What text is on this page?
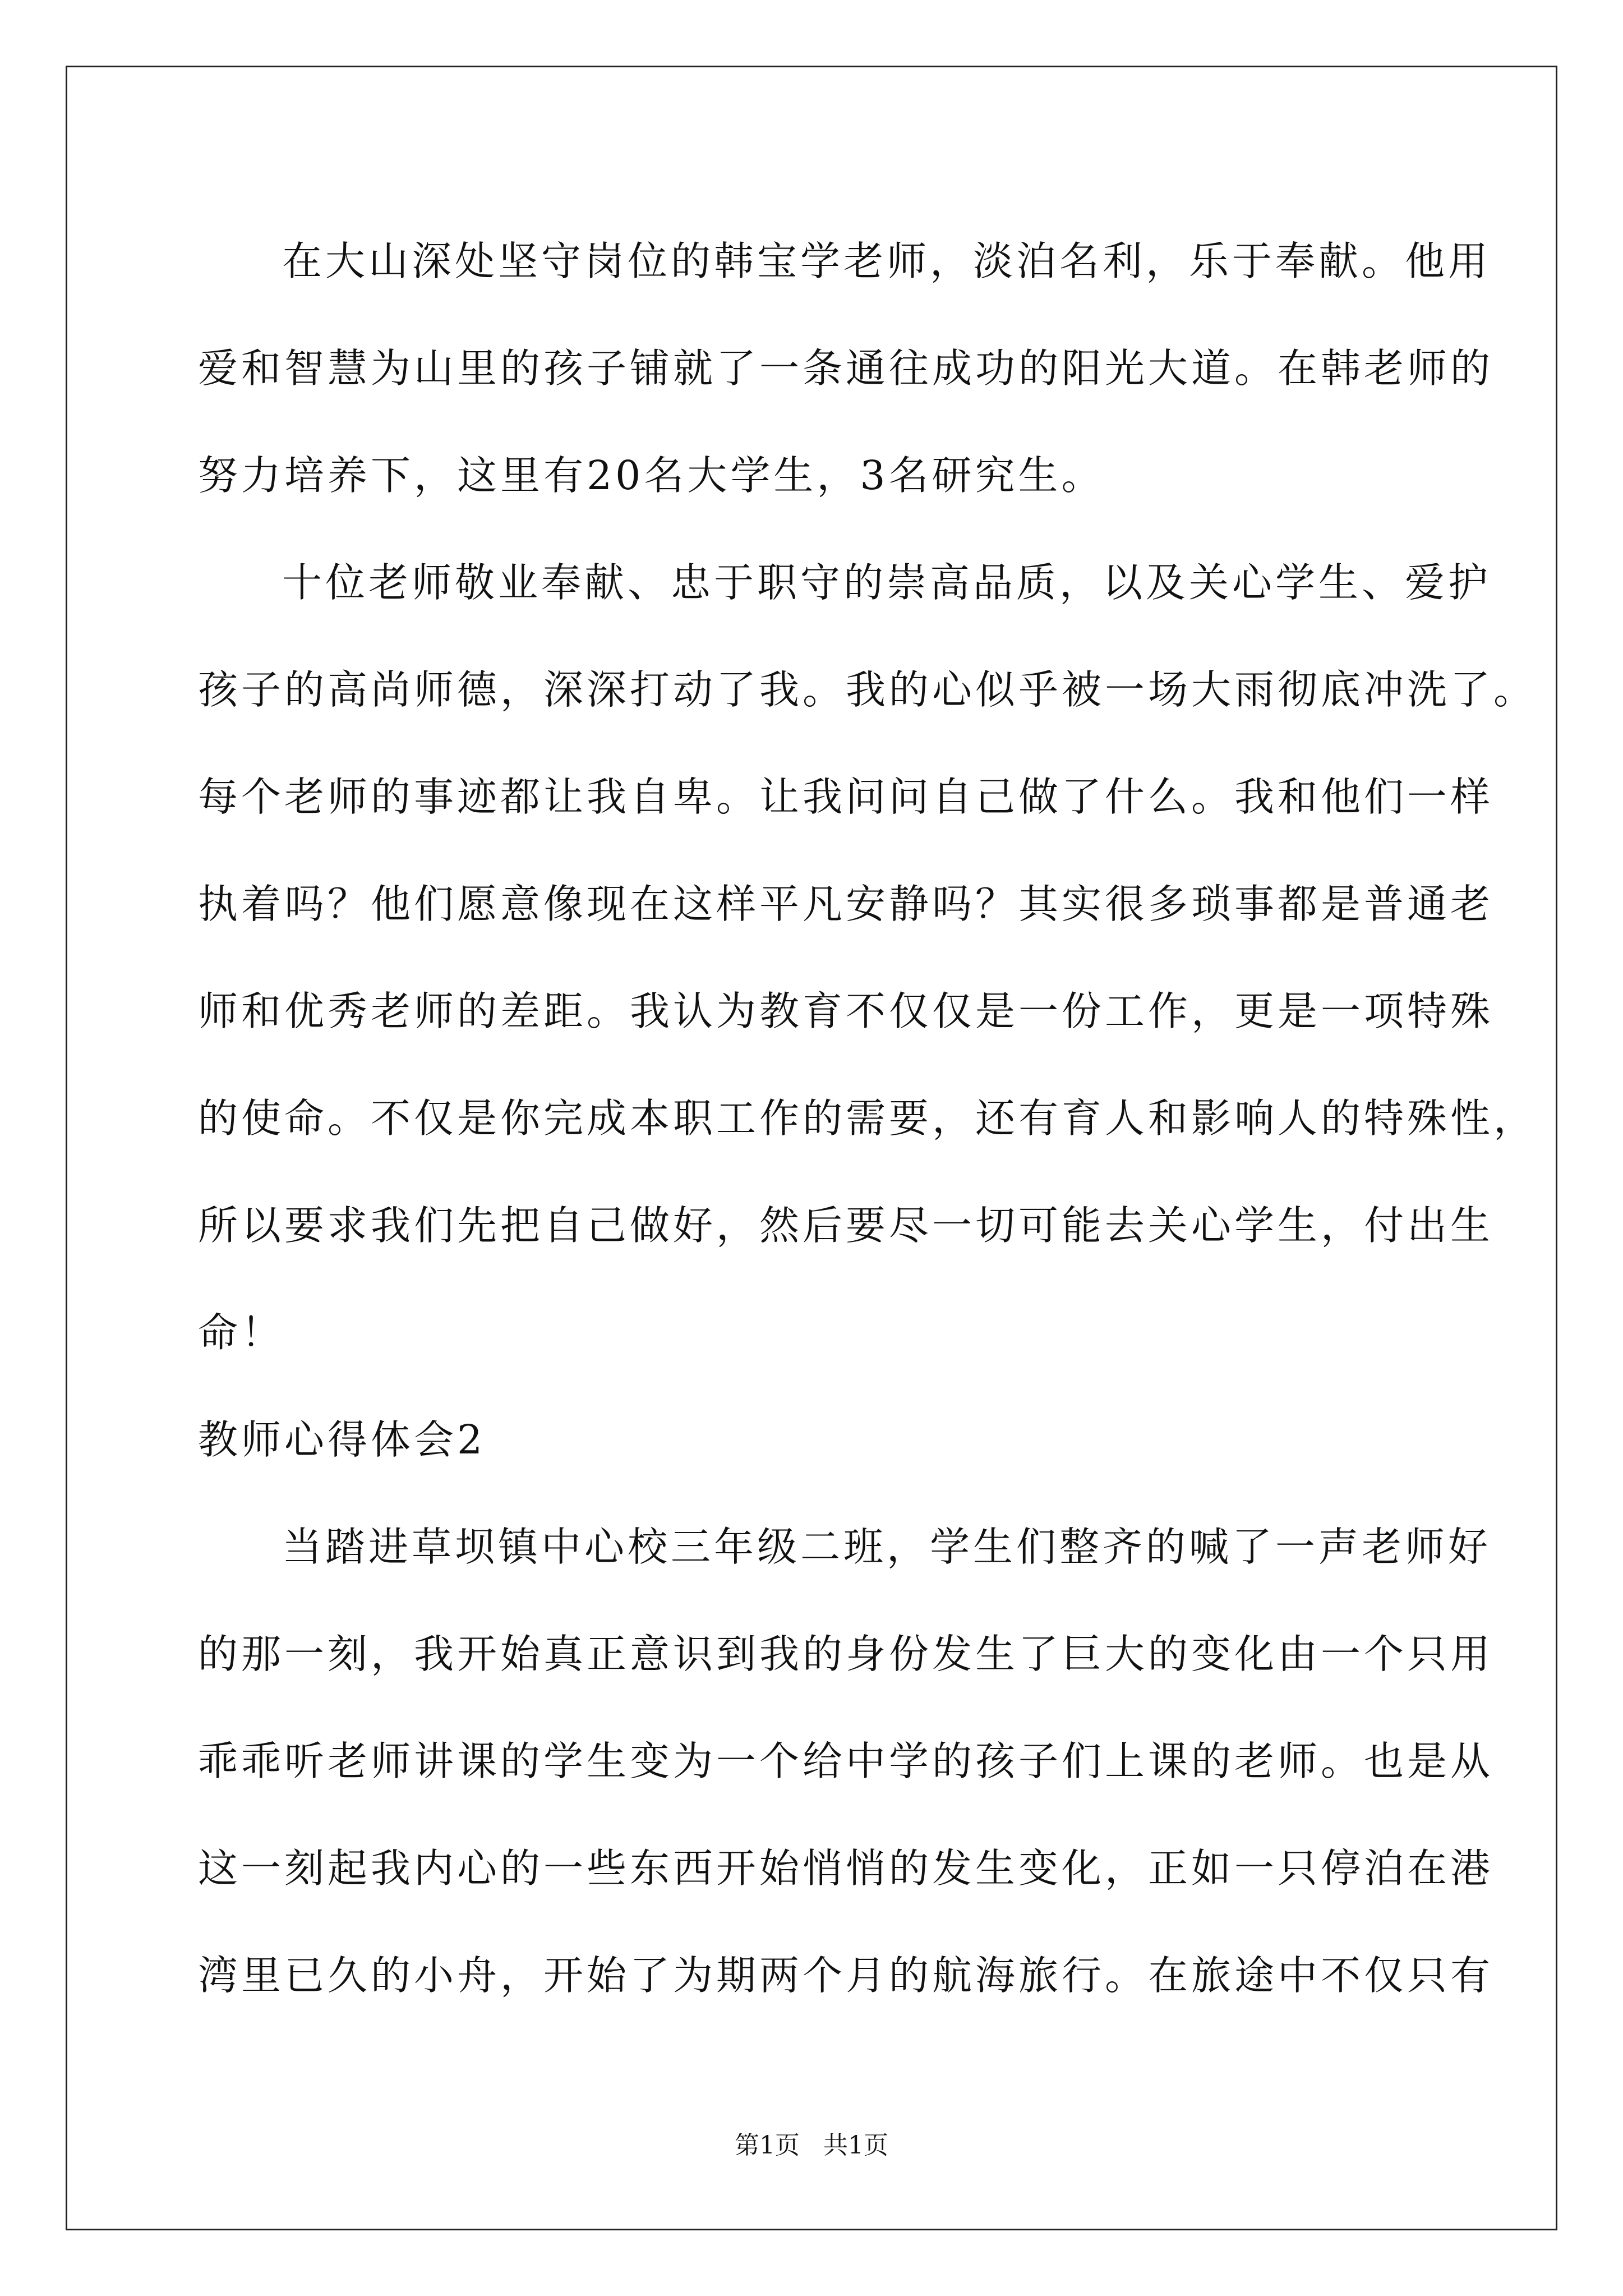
在大山深处坚守岗位的韩宝学老师，淡泊名利，乐于奉献。他用
爱和智慧为山里的孩子铺就了一条通往成功的阳光大道。在韩老师的
努力培养下，这里有20名大学生，3名研究生。
十位老师敬业奉献、忠于职守的崇高品质，以及关心学生、爱护
孩子的高尚师德，深深打动了我。我的心似乎被一场大雨彻底冲洗了。
每个老师的事迹都让我自卑。让我问问自己做了什么。我和他们一样
执着吗？他们愿意像现在这样平凡安静吗？其实很多琐事都是普通老
师和优秀老师的差距。我认为教育不仅仅是一份工作，更是一项特殊
的使命。不仅是你完成本职工作的需要，还有育人和影响人的特殊性，
所以要求我们先把自己做好，然后要尽一切可能去关心学生，付出生
命！
教师心得体会2
当踏进草坝镇中心校三年级二班，学生们整齐的喊了一声老师好
的那一刻，我开始真正意识到我的身份发生了巨大的变化由一个只用
乖乖听老师讲课的学生变为一个给中学的孩子们上课的老师。也是从
这一刻起我内心的一些东西开始悄悄的发生变化，正如一只停泊在港
湾里已久的小舟，开始了为期两个月的航海旅行。在旅途中不仅只有
第1页   共1页
